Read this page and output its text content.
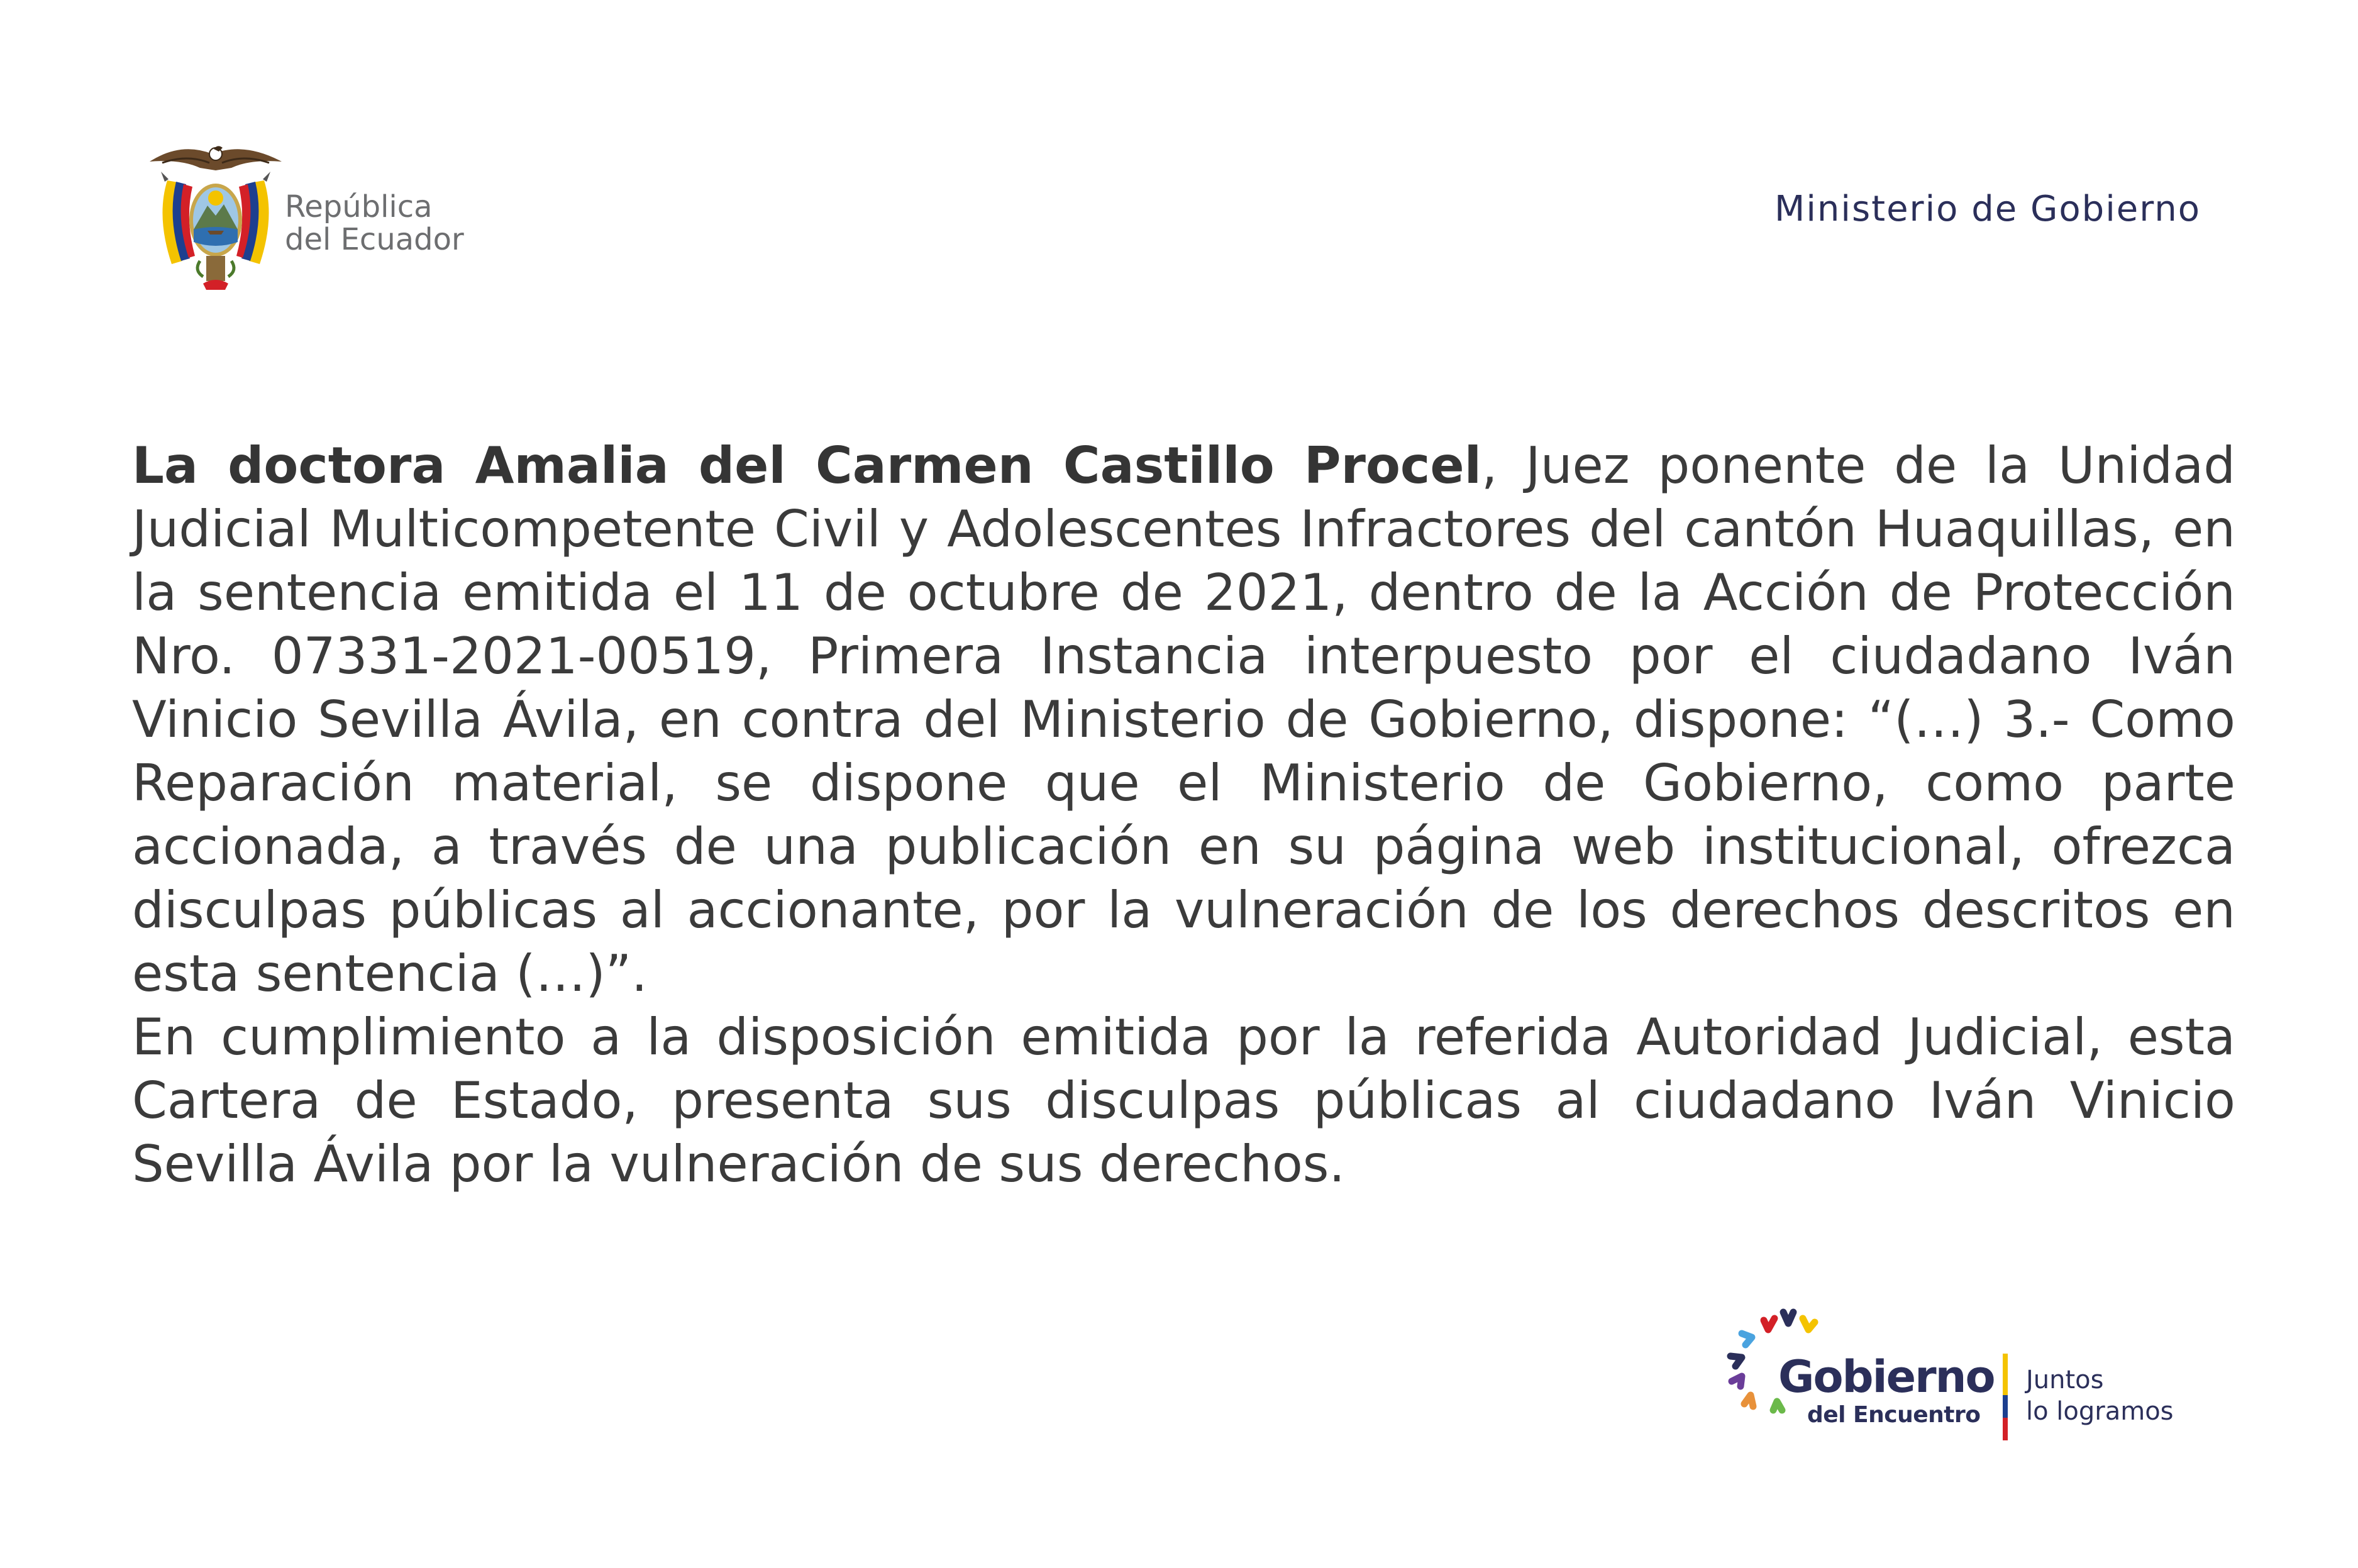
República
del Ecuador
Ministerio de Gobierno

La doctora Amalia del Carmen Castillo Procel, Juez ponente de la Unidad Judicial Multicompetente Civil y Adolescentes Infractores del cantón Huaquillas, en la sentencia emitida el 11 de octubre de 2021, dentro de la Acción de Protección Nro. 07331-2021-00519, Primera Instancia interpuesto por el ciudadano Iván Vinicio Sevilla Ávila, en contra del Ministerio de Gobierno, dispone: “(…) 3.- Como Reparación material, se dispone que el Ministerio de Gobierno, como parte accionada, a través de una publicación en su página web institucional, ofrezca disculpas públicas al accionante, por la vulneración de los derechos descritos en esta sentencia (…)”.

En cumplimiento a la disposición emitida por la referida Autoridad Judicial, esta Cartera de Estado, presenta sus disculpas públicas al ciudadano Iván Vinicio Sevilla Ávila por la vulneración de sus derechos.

Gobierno
del Encuentro
Juntos
lo logramos
